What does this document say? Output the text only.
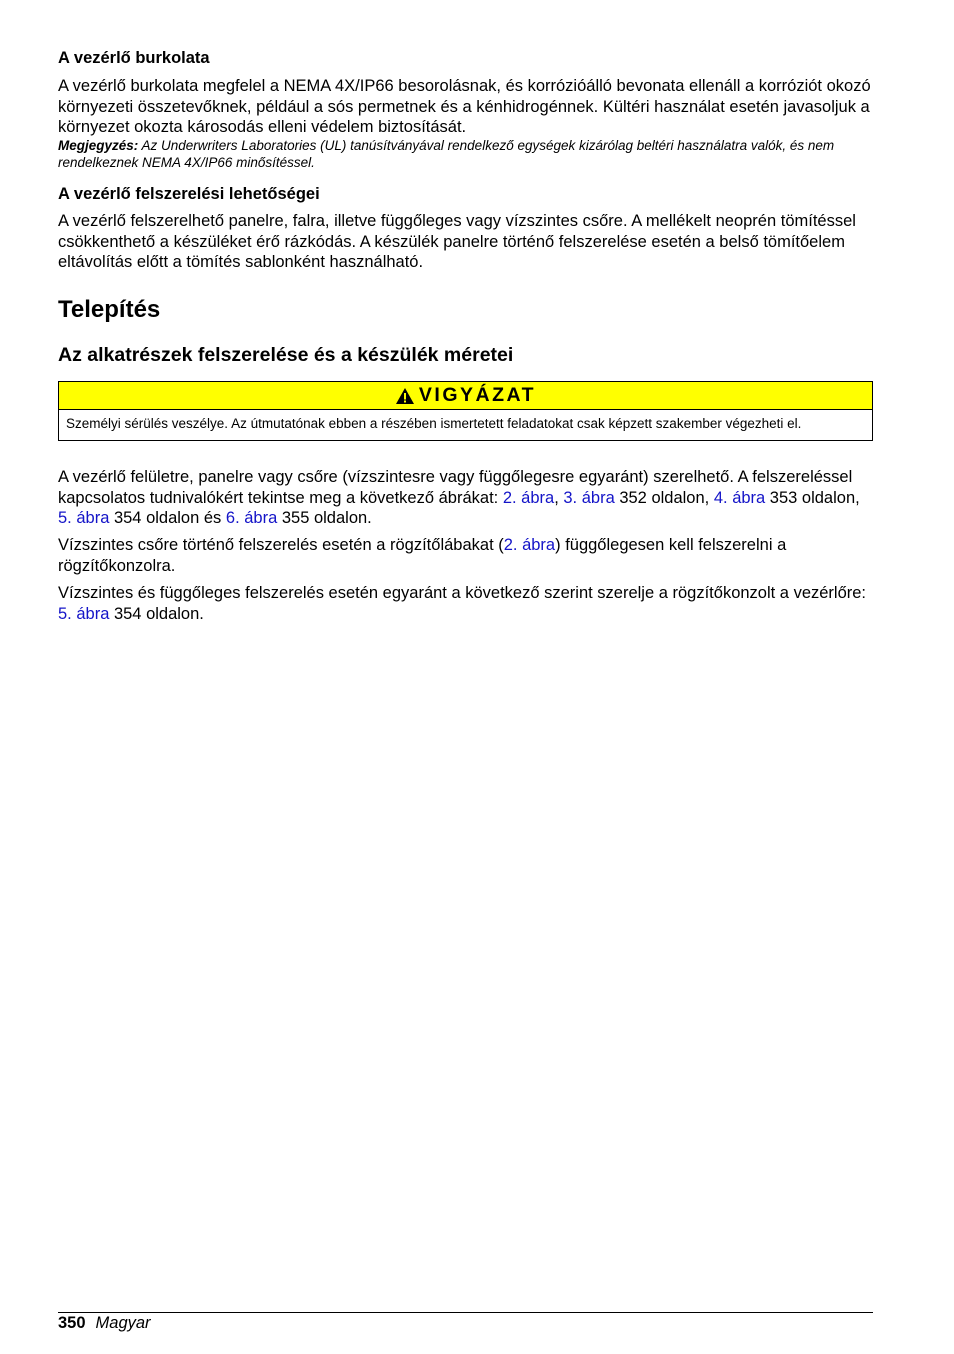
A vezérlő burkolata

A vezérlő burkolata megfelel a NEMA 4X/IP66 besorolásnak, és korrózióálló bevonata ellenáll a korróziót okozó környezeti összetevőknek, például a sós permetnek és a kénhidrogénnek. Kültéri használat esetén javasoljuk a környezet okozta károsodás elleni védelem biztosítását.

Megjegyzés: Az Underwriters Laboratories (UL) tanúsítványával rendelkező egységek kizárólag beltéri használatra valók, és nem rendelkeznek NEMA 4X/IP66 minősítéssel.

A vezérlő felszerelési lehetőségei

A vezérlő felszerelhető panelre, falra, illetve függőleges vagy vízszintes csőre. A mellékelt neoprén tömítéssel csökkenthető a készüléket érő rázkódás. A készülék panelre történő felszerelése esetén a belső tömítőelem eltávolítás előtt a tömítés sablonként használható.

Telepítés
Az alkatrészek felszerelése és a készülék méretei
VIGYÁZAT
Személyi sérülés veszélye. Az útmutatónak ebben a részében ismertetett feladatokat csak képzett szakember végezheti el.

A vezérlő felületre, panelre vagy csőre (vízszintesre vagy függőlegesre egyaránt) szerelhető. A felszereléssel kapcsolatos tudnivalókért tekintse meg a következő ábrákat: 2. ábra, 3. ábra 352 oldalon, 4. ábra 353 oldalon, 5. ábra 354 oldalon és 6. ábra 355 oldalon.

Vízszintes csőre történő felszerelés esetén a rögzítőlábakat (2. ábra) függőlegesen kell felszerelni a rögzítőkonzolra.

Vízszintes és függőleges felszerelés esetén egyaránt a következő szerint szerelje a rögzítőkonzolt a vezérlőre: 5. ábra 354 oldalon.

350 Magyar
